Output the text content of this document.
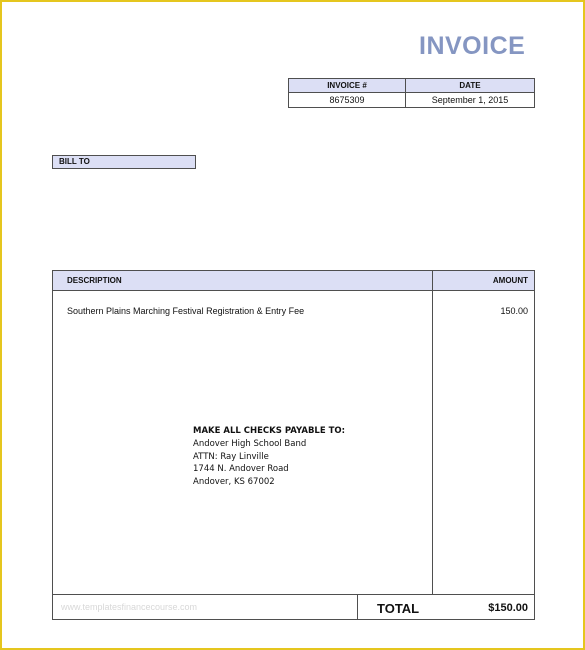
INVOICE
INVOICE #	DATE
8675309	September 1, 2015
BILL TO
DESCRIPTION	AMOUNT
Southern Plains Marching Festival Registration & Entry Fee	150.00
MAKE ALL CHECKS PAYABLE TO:
Andover High School Band
ATTN: Ray Linville
1744 N. Andover Road
Andover, KS 67002
www.templatesfinancecourse.com	TOTAL	$150.00
